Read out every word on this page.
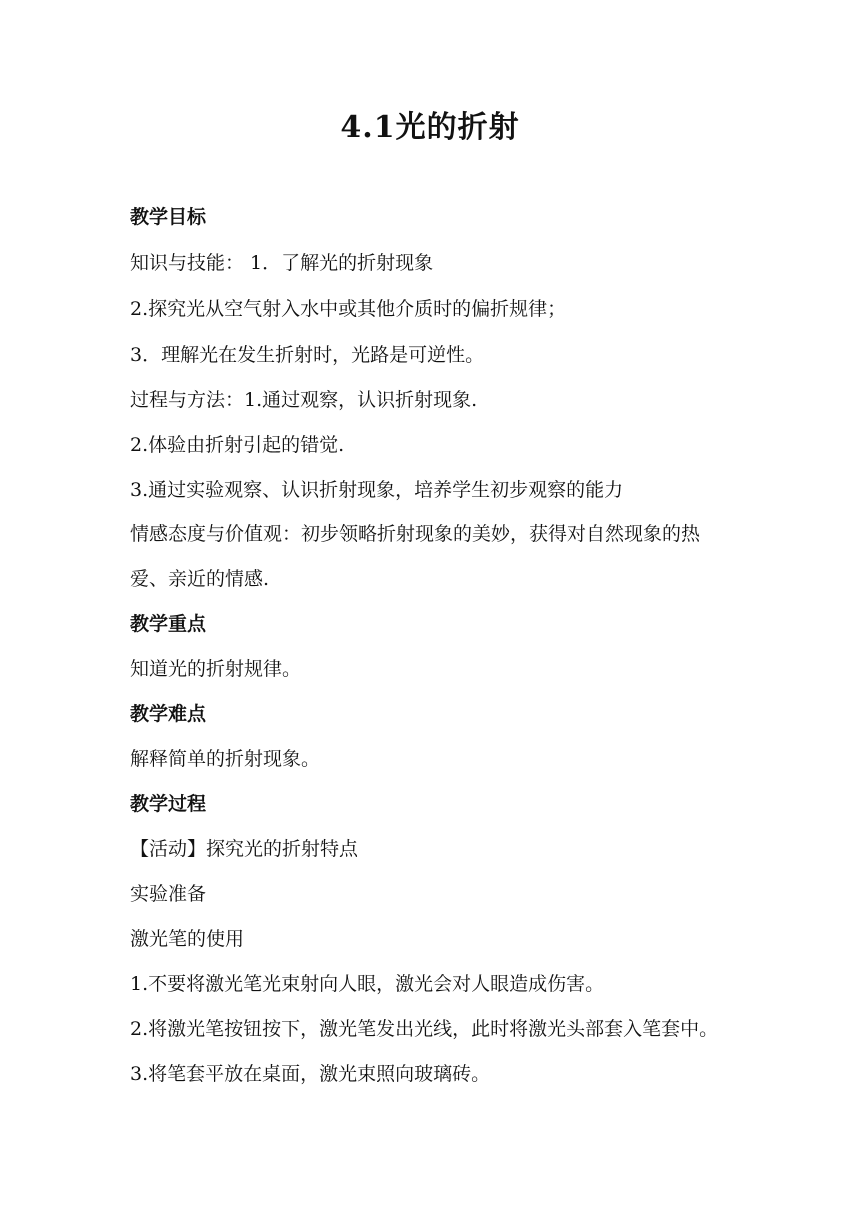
4.1光的折射
教学目标
知识与技能： 1．了解光的折射现象
2.探究光从空气射入水中或其他介质时的偏折规律；
3．理解光在发生折射时，光路是可逆性。
过程与方法：1.通过观察，认识折射现象.
2.体验由折射引起的错觉.
3.通过实验观察、认识折射现象，培养学生初步观察的能力
情感态度与价值观：初步领略折射现象的美妙，获得对自然现象的热
爱、亲近的情感.
教学重点
知道光的折射规律。
教学难点
解释简单的折射现象。
教学过程
【活动】探究光的折射特点
实验准备
激光笔的使用
1.不要将激光笔光束射向人眼，激光会对人眼造成伤害。
2.将激光笔按钮按下，激光笔发出光线，此时将激光头部套入笔套中。
3.将笔套平放在桌面，激光束照向玻璃砖。
